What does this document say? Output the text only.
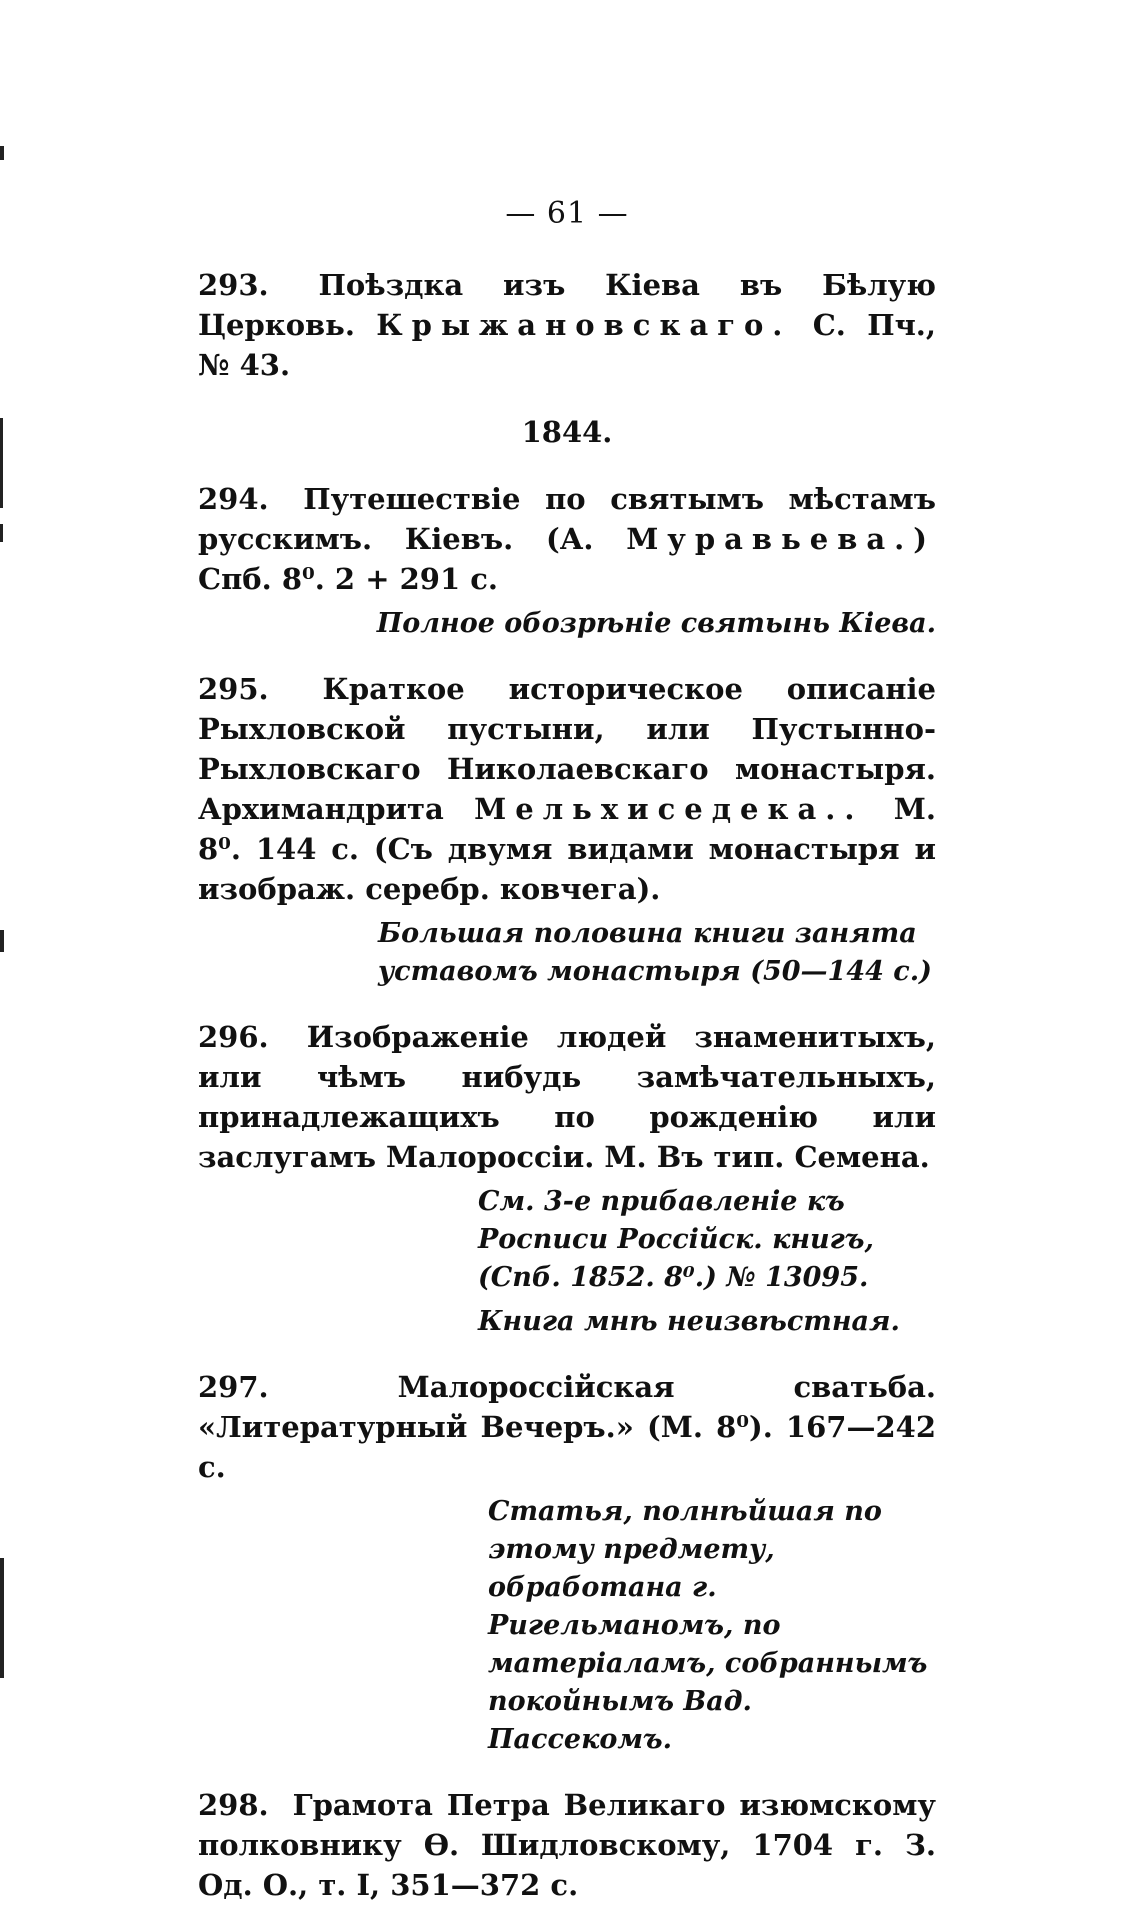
— 61 —
293. Поѣздка изъ Кіева въ Бѣлую Церковь. Крыжановскаго. С. Пч., № 43.
1844.
294. Путешествіе по святымъ мѣстамъ русскимъ. Кіевъ. (А. Муравьева.) Спб. 8⁰. 2 + 291 с.
Полное обозрѣніе святынь Кіева.
295. Краткое историческое описаніе Рыхловской пустыни, или Пустынно-Рыхловскаго Николаевскаго монастыря. Архимандрита Мельхиседека.. М. 8⁰. 144 с. (Съ двумя видами монастыря и изображ. серебр. ковчега).
Большая половина книги занята уставомъ монастыря (50—144 с.)
296. Изображеніе людей знаменитыхъ, или чѣмъ нибудь замѣчательныхъ, принадлежащихъ по рожденію или заслугамъ Малороссіи. М. Въ тип. Семена.
См. 3-е прибавленіе къ Росписи Россійск. книгъ, (Спб. 1852. 8⁰.) № 13095.
Книга мнѣ неизвѣстная.
297.	Малороссійская сватьба. «Литературный Вечеръ.» (М. 8⁰). 167—242 с.
Статья, полнѣйшая по этому предмету, обработана г. Ригельманомъ, по матеріаламъ, собраннымъ покойнымъ Вад. Пассекомъ.
298. Грамота Петра Великаго изюмскому полковнику Ѳ. Шидловскому, 1704 г. З. Од. О., т. I, 351—372 с.
